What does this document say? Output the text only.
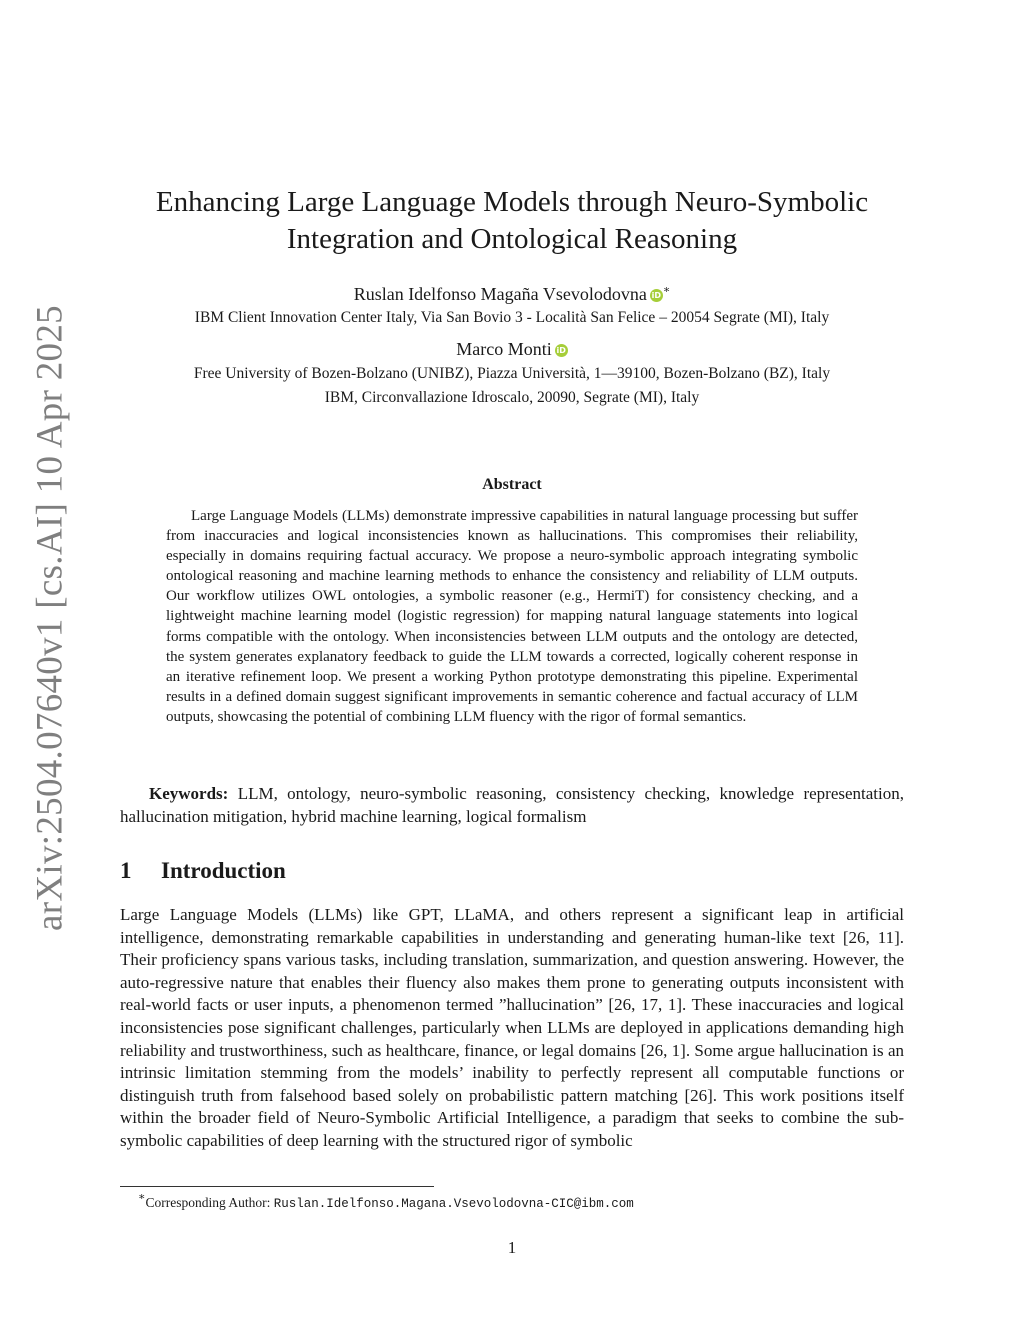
arXiv:2504.07640v1 [cs.AI] 10 Apr 2025
Enhancing Large Language Models through Neuro-Symbolic
Integration and Ontological Reasoning
Ruslan Idelfonso Magaña Vsevolodovna iD ∗
IBM Client Innovation Center Italy, Via San Bovio 3 - Località San Felice – 20054 Segrate (MI), Italy
Marco Monti iD
Free University of Bozen-Bolzano (UNIBZ), Piazza Università, 1—39100, Bozen-Bolzano (BZ), Italy
IBM, Circonvallazione Idroscalo, 20090, Segrate (MI), Italy
Abstract

Large Language Models (LLMs) demonstrate impressive capabilities in natural language processing but suffer from inaccuracies and logical inconsistencies known as hallucinations. This compromises their reliability, especially in domains requiring factual accuracy. We propose a neuro-symbolic approach integrating symbolic ontological reasoning and machine learning methods to enhance the consistency and reliability of LLM outputs. Our workflow utilizes OWL ontologies, a symbolic reasoner (e.g., HermiT) for consistency checking, and a lightweight machine learning model (logistic regression) for mapping natural language statements into logical forms compatible with the ontology. When inconsistencies between LLM outputs and the ontology are detected, the system generates explanatory feedback to guide the LLM towards a corrected, logically coherent response in an iterative refinement loop. We present a working Python prototype demonstrating this pipeline. Experimental results in a defined domain suggest significant improvements in semantic coherence and factual accuracy of LLM outputs, showcasing the potential of combining LLM fluency with the rigor of formal semantics.

Keywords: LLM, ontology, neuro-symbolic reasoning, consistency checking, knowledge representation, hallucination mitigation, hybrid machine learning, logical formalism

1 Introduction

Large Language Models (LLMs) like GPT, LLaMA, and others represent a significant leap in artificial intelligence, demonstrating remarkable capabilities in understanding and generating human-like text [26, 11]. Their proficiency spans various tasks, including translation, summarization, and question answering. However, the auto-regressive nature that enables their fluency also makes them prone to generating outputs inconsistent with real-world facts or user inputs, a phenomenon termed ”hallucination” [26, 17, 1]. These inaccuracies and logical inconsistencies pose significant challenges, particularly when LLMs are deployed in applications demanding high reliability and trustworthiness, such as healthcare, finance, or legal domains [26, 1]. Some argue hallucination is an intrinsic limitation stemming from the models’ inability to perfectly represent all computable functions or distinguish truth from falsehood based solely on probabilistic pattern matching [26]. This work positions itself within the broader field of Neuro-Symbolic Artificial Intelligence, a paradigm that seeks to combine the sub-symbolic capabilities of deep learning with the structured rigor of symbolic

∗Corresponding Author: Ruslan.Idelfonso.Magana.Vsevolodovna-CIC@ibm.com
1
